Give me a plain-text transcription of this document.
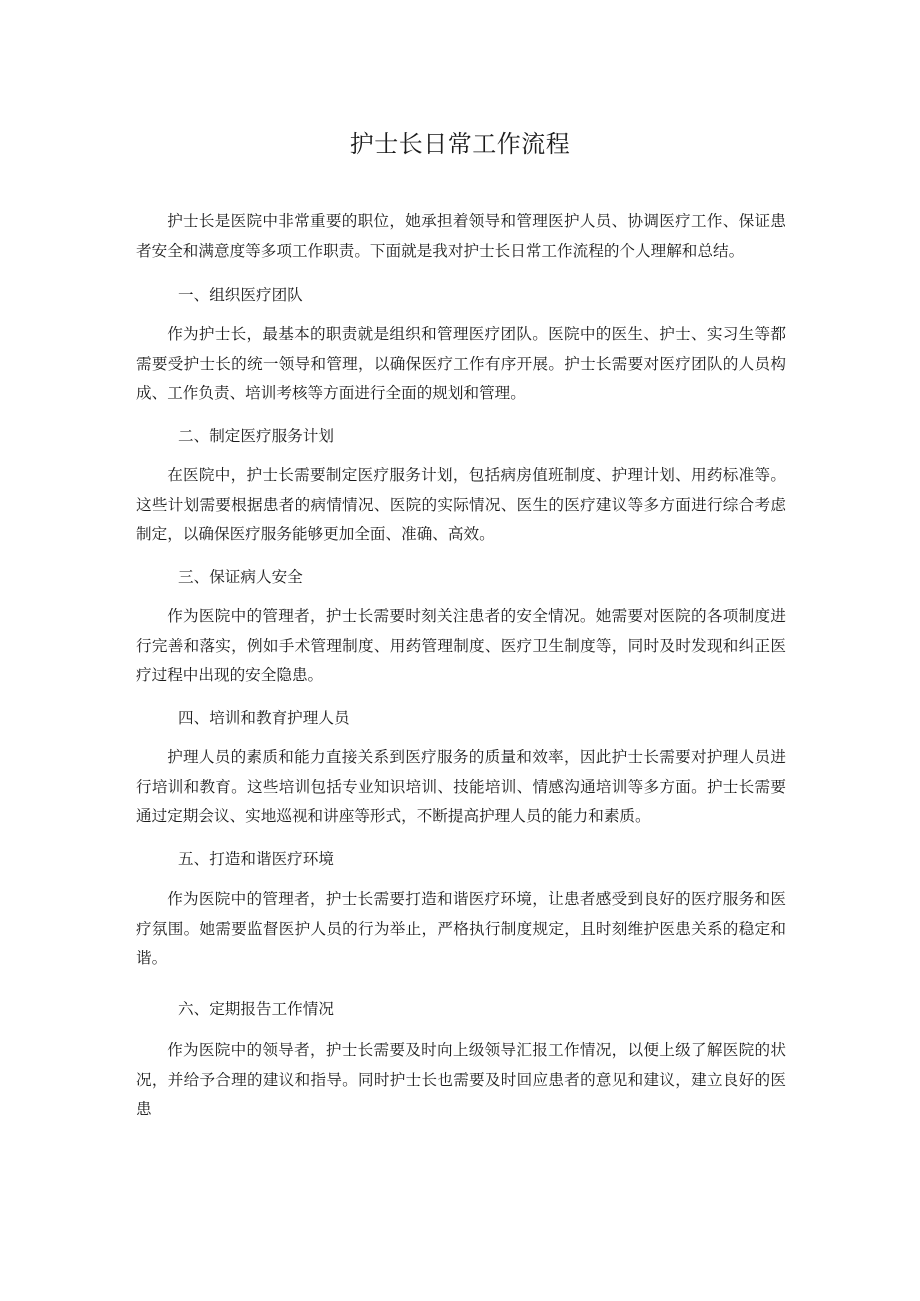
护士长日常工作流程

护士长是医院中非常重要的职位，她承担着领导和管理医护人员、协调医疗工作、保证患者安全和满意度等多项工作职责。下面就是我对护士长日常工作流程的个人理解和总结。

一、组织医疗团队

作为护士长，最基本的职责就是组织和管理医疗团队。医院中的医生、护士、实习生等都需要受护士长的统一领导和管理，以确保医疗工作有序开展。护士长需要对医疗团队的人员构成、工作负责、培训考核等方面进行全面的规划和管理。

二、制定医疗服务计划

在医院中，护士长需要制定医疗服务计划，包括病房值班制度、护理计划、用药标准等。这些计划需要根据患者的病情情况、医院的实际情况、医生的医疗建议等多方面进行综合考虑制定，以确保医疗服务能够更加全面、准确、高效。

三、保证病人安全

作为医院中的管理者，护士长需要时刻关注患者的安全情况。她需要对医院的各项制度进行完善和落实，例如手术管理制度、用药管理制度、医疗卫生制度等，同时及时发现和纠正医疗过程中出现的安全隐患。

四、培训和教育护理人员

护理人员的素质和能力直接关系到医疗服务的质量和效率，因此护士长需要对护理人员进行培训和教育。这些培训包括专业知识培训、技能培训、情感沟通培训等多方面。护士长需要通过定期会议、实地巡视和讲座等形式，不断提高护理人员的能力和素质。

五、打造和谐医疗环境

作为医院中的管理者，护士长需要打造和谐医疗环境，让患者感受到良好的医疗服务和医疗氛围。她需要监督医护人员的行为举止，严格执行制度规定，且时刻维护医患关系的稳定和谐。

六、定期报告工作情况

作为医院中的领导者，护士长需要及时向上级领导汇报工作情况，以便上级了解医院的状况，并给予合理的建议和指导。同时护士长也需要及时回应患者的意见和建议，建立良好的医患
